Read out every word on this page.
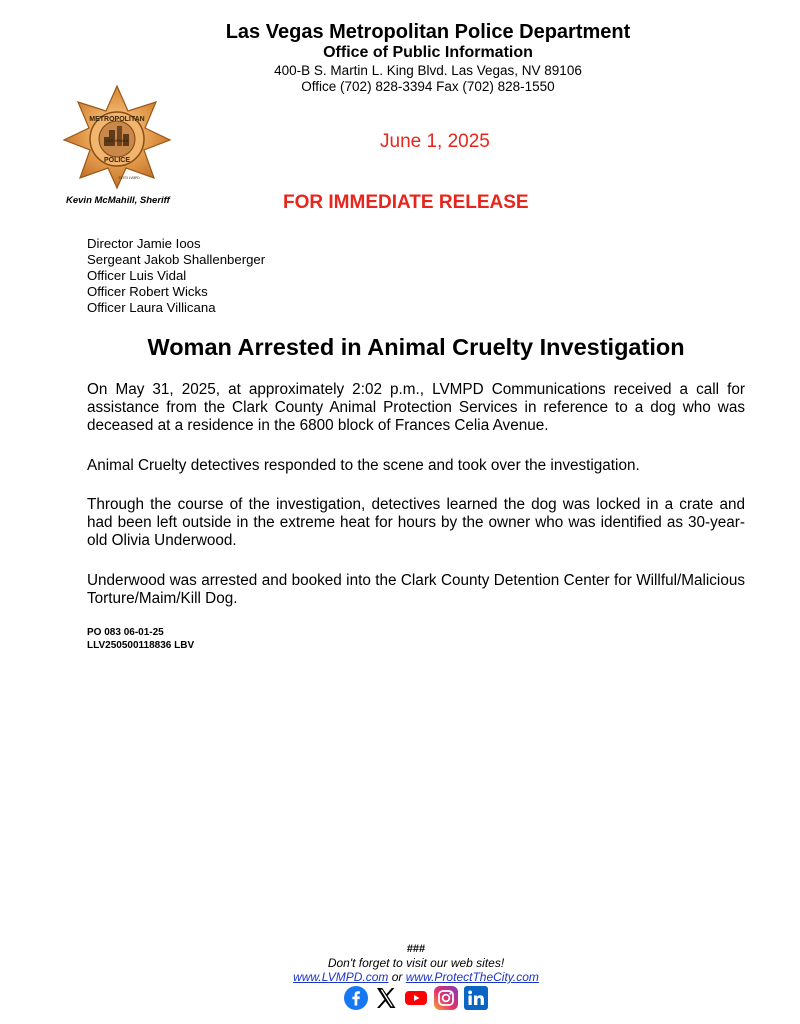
Las Vegas Metropolitan Police Department
Office of Public Information
400-B S. Martin L. King Blvd. Las Vegas, NV 89106
Office (702) 828-3394 Fax (702) 828-1550
METROPOLITAN
LAS VEGAS
POLICE
©1973 LVMPD
Kevin McMahill, Sheriff
June 1, 2025
FOR IMMEDIATE RELEASE
Director Jamie Ioos
Sergeant Jakob Shallenberger
Officer Luis Vidal
Officer Robert Wicks
Officer Laura Villicana
Woman Arrested in Animal Cruelty Investigation
On May 31, 2025, at approximately 2:02 p.m., LVMPD Communications received a call for assistance from the Clark County Animal Protection Services in reference to a dog who was deceased at a residence in the 6800 block of Frances Celia Avenue.
Animal Cruelty detectives responded to the scene and took over the investigation.
Through the course of the investigation, detectives learned the dog was locked in a crate and had been left outside in the extreme heat for hours by the owner who was identified as 30-year-old Olivia Underwood.
Underwood was arrested and booked into the Clark County Detention Center for Willful/Malicious Torture/Maim/Kill Dog.
PO 083 06-01-25
LLV250500118836 LBV
###
Don't forget to visit our web sites!
www.LVMPD.com or www.ProtectTheCity.com
